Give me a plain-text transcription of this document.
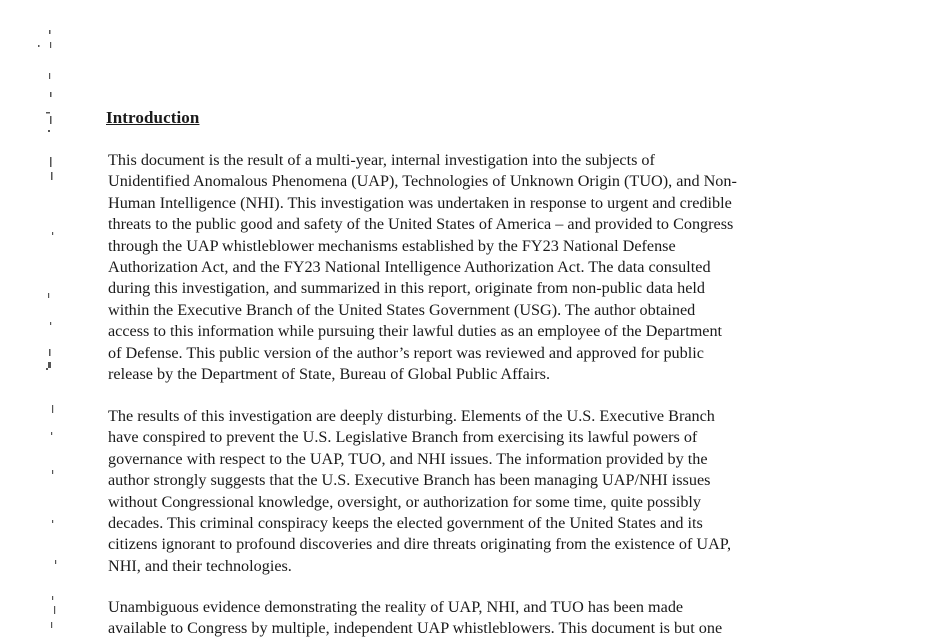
Introduction
This document is the result of a multi-year, internal investigation into the subjects of
Unidentified Anomalous Phenomena (UAP), Technologies of Unknown Origin (TUO), and Non-
Human Intelligence (NHI). This investigation was undertaken in response to urgent and credible
threats to the public good and safety of the United States of America – and provided to Congress
through the UAP whistleblower mechanisms established by the FY23 National Defense
Authorization Act, and the FY23 National Intelligence Authorization Act. The data consulted
during this investigation, and summarized in this report, originate from non-public data held
within the Executive Branch of the United States Government (USG). The author obtained
access to this information while pursuing their lawful duties as an employee of the Department
of Defense. This public version of the author’s report was reviewed and approved for public
release by the Department of State, Bureau of Global Public Affairs.
The results of this investigation are deeply disturbing. Elements of the U.S. Executive Branch
have conspired to prevent the U.S. Legislative Branch from exercising its lawful powers of
governance with respect to the UAP, TUO, and NHI issues. The information provided by the
author strongly suggests that the U.S. Executive Branch has been managing UAP/NHI issues
without Congressional knowledge, oversight, or authorization for some time, quite possibly
decades. This criminal conspiracy keeps the elected government of the United States and its
citizens ignorant to profound discoveries and dire threats originating from the existence of UAP,
NHI, and their technologies.
Unambiguous evidence demonstrating the reality of UAP, NHI, and TUO has been made
available to Congress by multiple, independent UAP whistleblowers. This document is but one
